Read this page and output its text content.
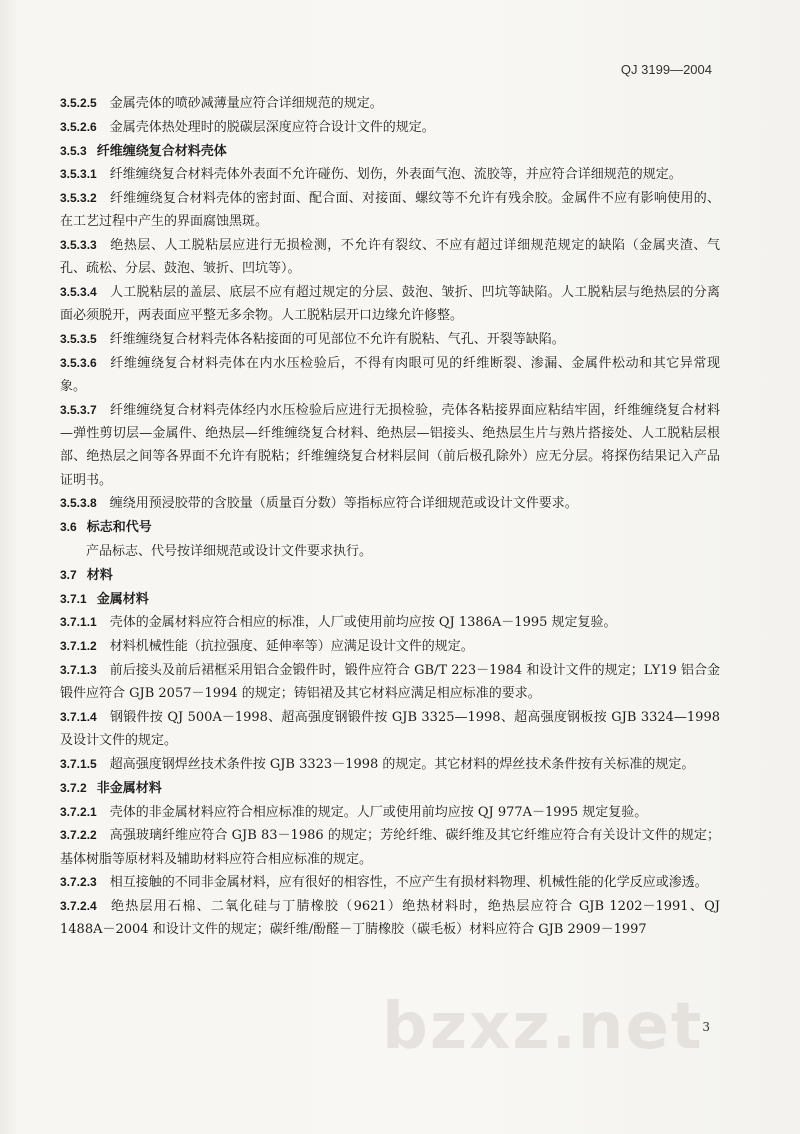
QJ 3199—2004

3.5.2.5 金属壳体的喷砂减薄量应符合详细规范的规定。

3.5.2.6 金属壳体热处理时的脱碳层深度应符合设计文件的规定。

3.5.3 纤维缠绕复合材料壳体

3.5.3.1 纤维缠绕复合材料壳体外表面不允许碰伤、划伤，外表面气泡、流胶等，并应符合详细规范的规定。

3.5.3.2 纤维缠绕复合材料壳体的密封面、配合面、对接面、螺纹等不允许有残余胶。金属件不应有影响使用的、在工艺过程中产生的界面腐蚀黑斑。

3.5.3.3 绝热层、人工脱粘层应进行无损检测，不允许有裂纹、不应有超过详细规范规定的缺陷（金属夹渣、气孔、疏松、分层、鼓泡、皱折、凹坑等）。

3.5.3.4 人工脱粘层的盖层、底层不应有超过规定的分层、鼓泡、皱折、凹坑等缺陷。人工脱粘层与绝热层的分离面必须脱开，两表面应平整无多余物。人工脱粘层开口边缘允许修整。

3.5.3.5 纤维缠绕复合材料壳体各粘接面的可见部位不允许有脱粘、气孔、开裂等缺陷。

3.5.3.6 纤维缠绕复合材料壳体在内水压检验后，不得有肉眼可见的纤维断裂、渗漏、金属件松动和其它异常现象。

3.5.3.7 纤维缠绕复合材料壳体经内水压检验后应进行无损检验，壳体各粘接界面应粘结牢固，纤维缠绕复合材料—弹性剪切层—金属件、绝热层—纤维缠绕复合材料、绝热层—铝接头、绝热层生片与熟片搭接处、人工脱粘层根部、绝热层之间等各界面不允许有脱粘；纤维缠绕复合材料层间（前后极孔除外）应无分层。将探伤结果记入产品证明书。

3.5.3.8 缠绕用预浸胶带的含胶量（质量百分数）等指标应符合详细规范或设计文件要求。

3.6 标志和代号

产品标志、代号按详细规范或设计文件要求执行。

3.7 材料

3.7.1 金属材料

3.7.1.1 壳体的金属材料应符合相应的标准，人厂或使用前均应按 QJ 1386A－1995 规定复验。

3.7.1.2 材料机械性能（抗拉强度、延伸率等）应满足设计文件的规定。

3.7.1.3 前后接头及前后裙框采用铝合金锻件时，锻件应符合 GB/T 223－1984 和设计文件的规定；LY19 铝合金锻件应符合 GJB 2057－1994 的规定；铸铝裙及其它材料应满足相应标准的要求。

3.7.1.4 钢锻件按 QJ 500A－1998、超高强度钢锻件按 GJB 3325—1998、超高强度钢板按 GJB 3324—1998 及设计文件的规定。

3.7.1.5 超高强度钢焊丝技术条件按 GJB 3323－1998 的规定。其它材料的焊丝技术条件按有关标准的规定。

3.7.2 非金属材料

3.7.2.1 壳体的非金属材料应符合相应标准的规定。人厂或使用前均应按 QJ 977A－1995 规定复验。

3.7.2.2 高强玻璃纤维应符合 GJB 83－1986 的规定；芳纶纤维、碳纤维及其它纤维应符合有关设计文件的规定；基体树脂等原材料及辅助材料应符合相应标准的规定。

3.7.2.3 相互接触的不同非金属材料，应有很好的相容性，不应产生有损材料物理、机械性能的化学反应或渗透。

3.7.2.4 绝热层用石棉、二氧化硅与丁腈橡胶（9621）绝热材料时，绝热层应符合 GJB 1202－1991、QJ 1488A－2004 和设计文件的规定；碳纤维/酚醛－丁腈橡胶（碳毛板）材料应符合 GJB 2909－1997

bzxz.net
3
